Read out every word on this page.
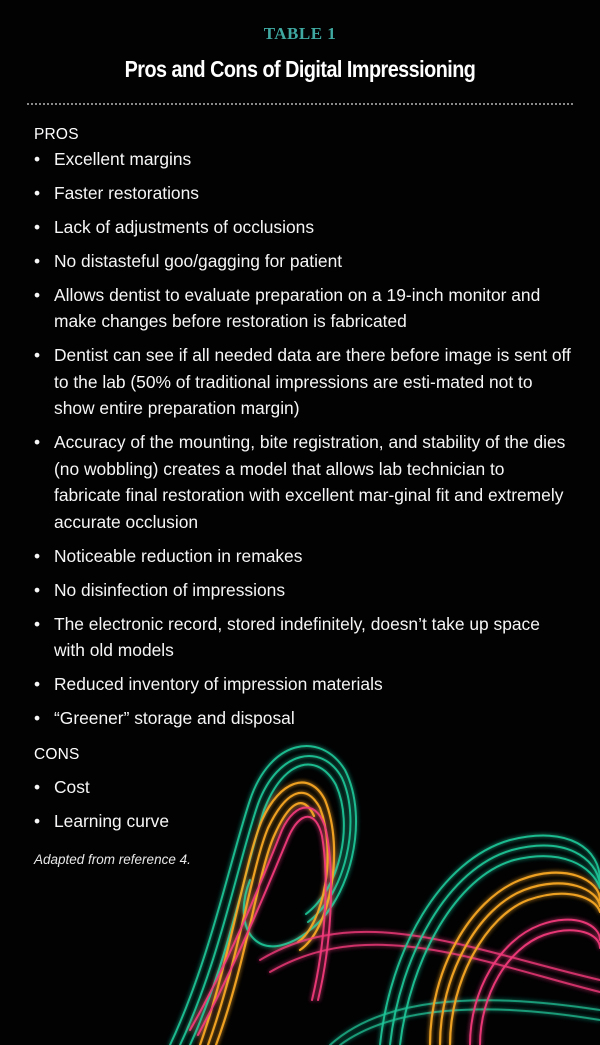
TABLE 1
Pros and Cons of Digital Impressioning
PROS
• Excellent margins
• Faster restorations
• Lack of adjustments of occlusions
• No distasteful goo/gagging for patient
• Allows dentist to evaluate preparation on a 19-inch monitor and make changes before restoration is fabricated
• Dentist can see if all needed data are there before image is sent off to the lab (50% of traditional impressions are esti-mated not to show entire preparation margin)
• Accuracy of the mounting, bite registration, and stability of the dies (no wobbling) creates a model that allows lab technician to fabricate final restoration with excellent mar-ginal fit and extremely accurate occlusion
• Noticeable reduction in remakes
• No disinfection of impressions
• The electronic record, stored indefinitely, doesn’t take up space with old models
• Reduced inventory of impression materials
• “Greener” storage and disposal
CONS
• Cost
• Learning curve
Adapted from reference 4.
